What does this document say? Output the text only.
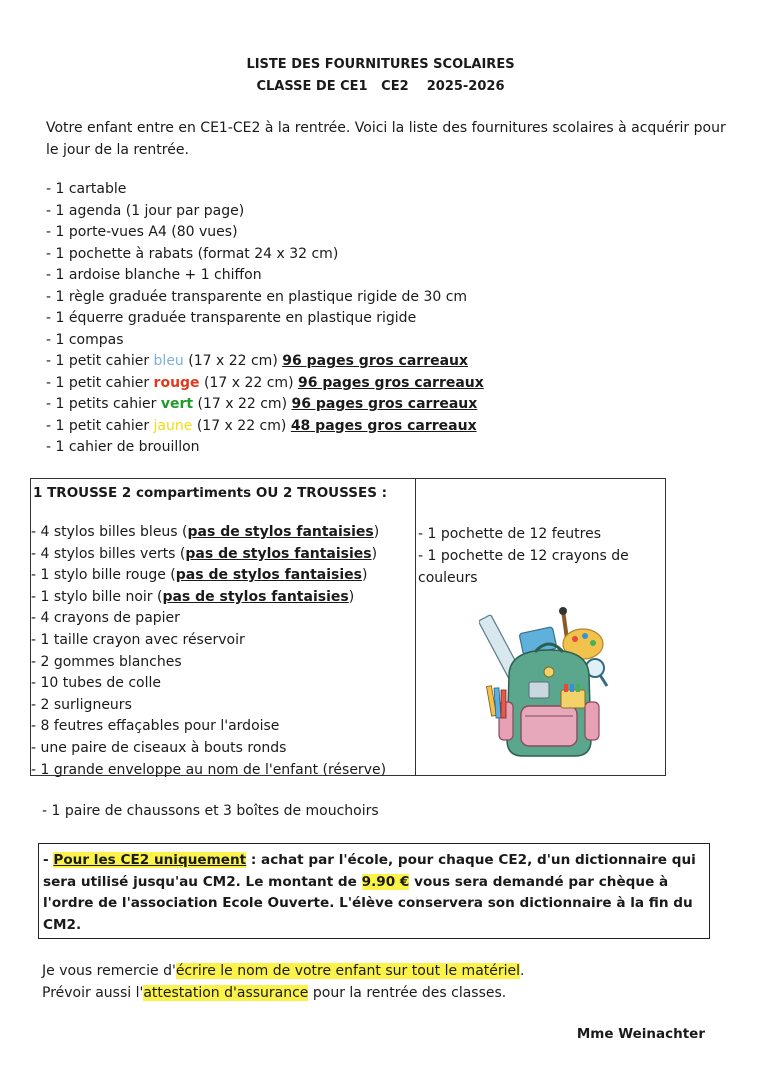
LISTE DES FOURNITURES SCOLAIRES
CLASSE DE CE1   CE2    2025-2026
Votre enfant entre en CE1-CE2 à la rentrée. Voici la liste des fournitures scolaires à acquérir pour le jour de la rentrée.
- 1 cartable
- 1 agenda (1 jour par page)
- 1 porte-vues A4 (80 vues)
- 1 pochette à rabats (format 24 x 32 cm)
- 1 ardoise blanche + 1 chiffon
- 1 règle graduée transparente en plastique rigide de 30 cm
- 1 équerre graduée transparente en plastique rigide
- 1 compas
- 1 petit cahier bleu (17 x 22 cm) 96 pages gros carreaux
- 1 petit cahier rouge (17 x 22 cm) 96 pages gros carreaux
- 1 petits cahier vert (17 x 22 cm) 96 pages gros carreaux
- 1 petit cahier jaune (17 x 22 cm) 48 pages gros carreaux
- 1 cahier de brouillon
1 TROUSSE 2 compartiments OU 2 TROUSSES :
- 4 stylos billes bleus (pas de stylos fantaisies)
- 4 stylos billes verts (pas de stylos fantaisies)
- 1 stylo bille rouge (pas de stylos fantaisies)
- 1 stylo bille noir (pas de stylos fantaisies)
- 4 crayons de papier
- 1 taille crayon avec réservoir
- 2 gommes blanches
- 10 tubes de colle
- 2 surligneurs
- 8 feutres effaçables pour l'ardoise
- une paire de ciseaux à bouts ronds
- 1 grande enveloppe au nom de l'enfant (réserve)
- 1 pochette de 12 feutres
- 1 pochette de 12 crayons de couleurs
- 1 paire de chaussons et 3 boîtes de mouchoirs
- Pour les CE2 uniquement : achat par l'école, pour chaque CE2, d'un dictionnaire qui sera utilisé jusqu'au CM2. Le montant de 9.90 € vous sera demandé par chèque à l'ordre de l'association Ecole Ouverte. L'élève conservera son dictionnaire à la fin du CM2.
Je vous remercie d'écrire le nom de votre enfant sur tout le matériel.
Prévoir aussi l'attestation d'assurance pour la rentrée des classes.
Mme Weinachter
